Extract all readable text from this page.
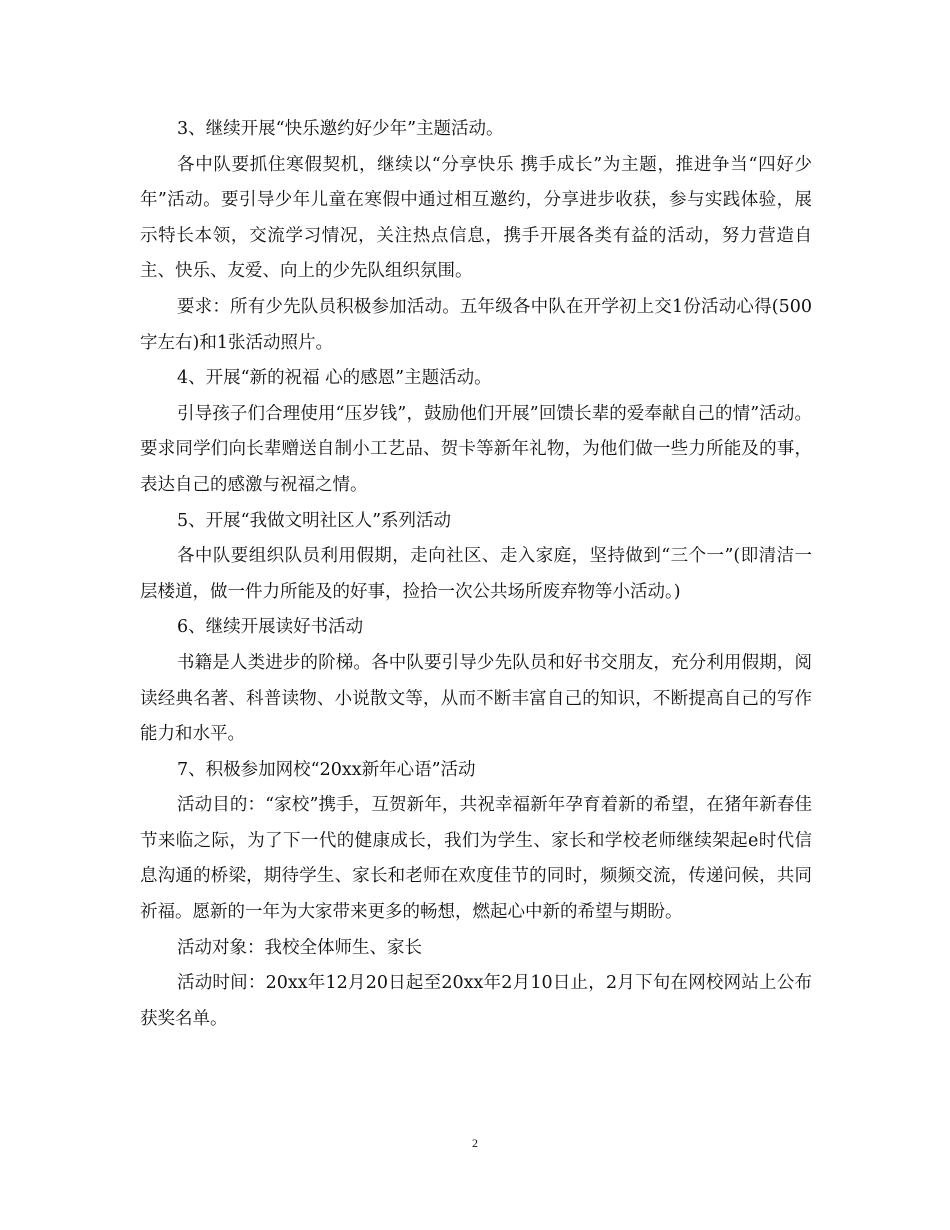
3、继续开展“快乐邀约好少年”主题活动。

各中队要抓住寒假契机，继续以“分享快乐 携手成长”为主题，推进争当“四好少年”活动。要引导少年儿童在寒假中通过相互邀约，分享进步收获，参与实践体验，展示特长本领，交流学习情况，关注热点信息，携手开展各类有益的活动，努力营造自主、快乐、友爱、向上的少先队组织氛围。

要求：所有少先队员积极参加活动。五年级各中队在开学初上交1份活动心得(500字左右)和1张活动照片。

4、开展“新的祝福 心的感恩”主题活动。

引导孩子们合理使用“压岁钱”，鼓励他们开展”回馈长辈的爱奉献自己的情”活动。要求同学们向长辈赠送自制小工艺品、贺卡等新年礼物，为他们做一些力所能及的事，表达自己的感激与祝福之情。

5、开展“我做文明社区人”系列活动

各中队要组织队员利用假期，走向社区、走入家庭，坚持做到“三个一”(即清洁一层楼道，做一件力所能及的好事，捡拾一次公共场所废弃物等小活动。)

6、继续开展读好书活动

书籍是人类进步的阶梯。各中队要引导少先队员和好书交朋友，充分利用假期，阅读经典名著、科普读物、小说散文等，从而不断丰富自己的知识，不断提高自己的写作能力和水平。

7、积极参加网校“20xx新年心语”活动

活动目的：“家校”携手，互贺新年，共祝幸福新年孕育着新的希望，在猪年新春佳节来临之际，为了下一代的健康成长，我们为学生、家长和学校老师继续架起e时代信息沟通的桥梁，期待学生、家长和老师在欢度佳节的同时，频频交流，传递问候，共同祈福。愿新的一年为大家带来更多的畅想，燃起心中新的希望与期盼。

活动对象：我校全体师生、家长

活动时间：20xx年12月20日起至20xx年2月10日止，2月下旬在网校网站上公布获奖名单。

2
